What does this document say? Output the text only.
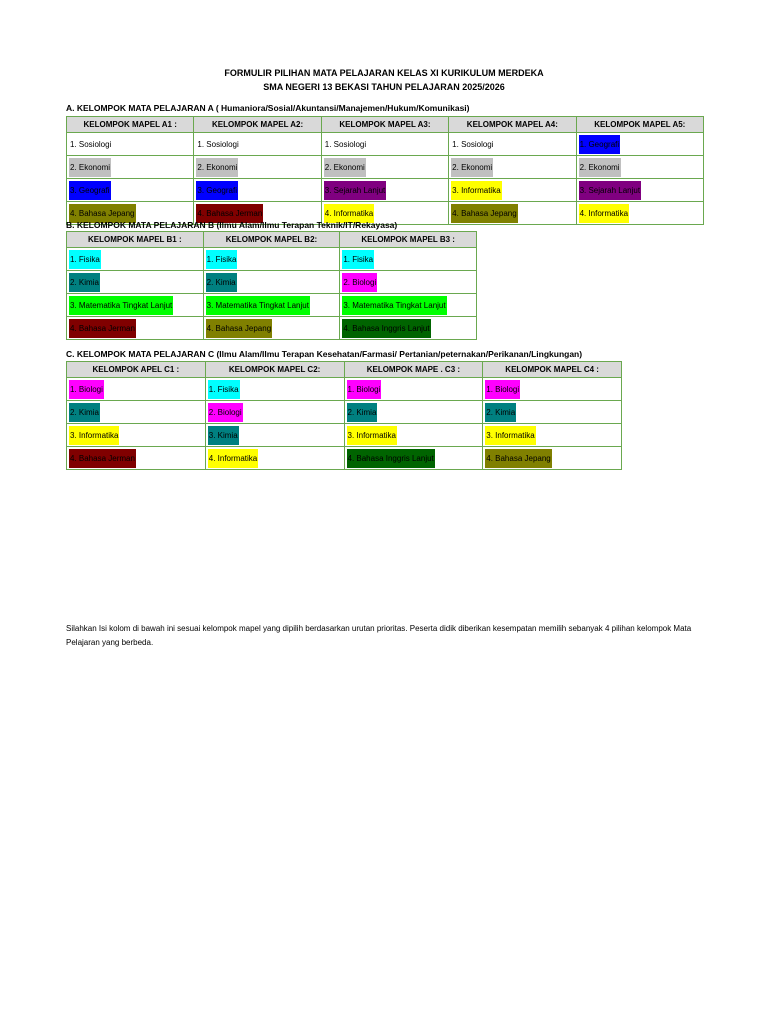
FORMULIR PILIHAN MATA PELAJARAN KELAS XI KURIKULUM MERDEKA
SMA NEGERI 13 BEKASI TAHUN PELAJARAN 2025/2026
A. KELOMPOK MATA PELAJARAN A ( Humaniora/Sosial/Akuntansi/Manajemen/Hukum/Komunikasi)
KELOMPOK MAPEL A1 :	KELOMPOK MAPEL A2:	KELOMPOK MAPEL A3:	KELOMPOK MAPEL A4:	KELOMPOK MAPEL A5:
1. Sosiologi	1. Sosiologi	1. Sosiologi	1. Sosiologi	1. Geografi
2. Ekonomi	2. Ekonomi	2. Ekonomi	2. Ekonomi	2. Ekonomi
3. Geografi	3. Geografi	3. Sejarah Lanjut	3. Informatika	3. Sejarah Lanjut
4. Bahasa Jepang	4. Bahasa Jerman	4. Informatika	4. Bahasa Jepang	4. Informatika
B. KELOMPOK MATA PELAJARAN B (Ilmu Alam/Ilmu Terapan Teknik/IT/Rekayasa)
KELOMPOK MAPEL B1 :	KELOMPOK MAPEL B2:	KELOMPOK MAPEL B3 :
1. Fisika	1. Fisika	1. Fisika
2. Kimia	2. Kimia	2. Biologi
3. Matematika Tingkat Lanjut	3. Matematika Tingkat Lanjut	3. Matematika Tingkat Lanjut
4. Bahasa Jerman	4. Bahasa Jepang	4. Bahasa Inggris Lanjut
C. KELOMPOK MATA PELAJARAN C (Ilmu Alam/Ilmu Terapan Kesehatan/Farmasi/ Pertanian/peternakan/Perikanan/Lingkungan)
KELOMPOK APEL C1 :	KELOMPOK MAPEL C2:	KELOMPOK MAPE . C3 :	KELOMPOK MAPEL C4 :
1. Biologi	1. Fisika	1. Biologi	1. Biologi
2. Kimia	2. Biologi	2. Kimia	2. Kimia
3. Informatika	3. Kimia	3. Informatika	3. Informatika
4. Bahasa Jerman	4. Informatika	4. Bahasa Inggris Lanjut	4. Bahasa Jepang
Silahkan Isi kolom di bawah ini sesuai kelompok mapel yang dipilih berdasarkan urutan prioritas. Peserta didik diberikan kesempatan memilih sebanyak 4 pilihan kelompok Mata Pelajaran yang berbeda.
